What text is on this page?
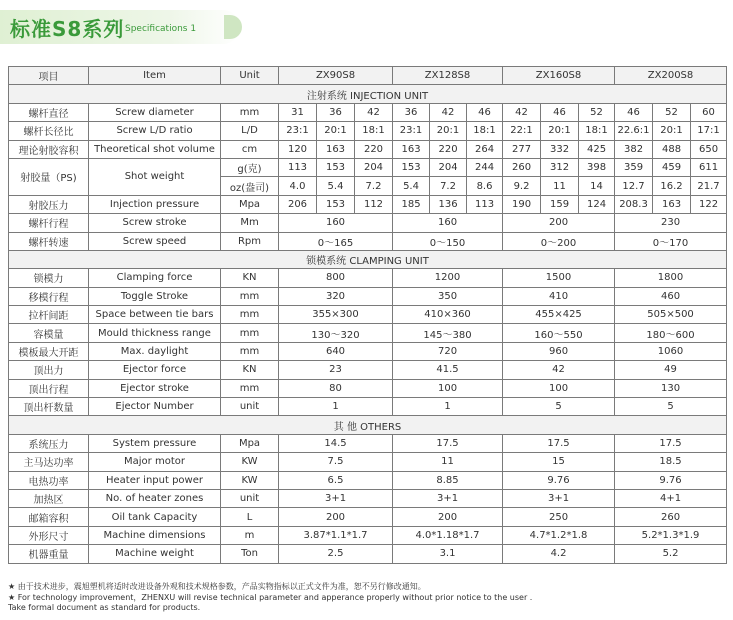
标准S8系列 Specifications 1
项目	Item	Unit	ZX90S8			ZX128S8			ZX160S8			ZX200S8		
注射系统 INJECTION UNIT														
螺杆直径	Screw diameter	mm	31	36	42	36	42	46	42	46	52	46	52	60
螺杆长径比	Screw L/D ratio	L/D	23:1	20:1	18:1	23:1	20:1	18:1	22:1	20:1	18:1	22.6:1	20:1	17:1
理论射胶容积	Theoretical shot volume	cm	120	163	220	163	220	264	277	332	425	382	488	650
射胶量（PS)	Shot weight	g(克)	113	153	204	153	204	244	260	312	398	359	459	611
		oz(盎司)	4.0	5.4	7.2	5.4	7.2	8.6	9.2	11	14	12.7	16.2	21.7
射胶压力	Injection pressure	Mpa	206	153	112	185	136	113	190	159	124	208.3	163	122
螺杆行程	Screw stroke	Mm	160			160			200			230		
螺杆转速	Screw speed	Rpm	0～165			0～150			0～200			0～170		
锁模系统 CLAMPING UNIT														
锁模力	Clamping force	KN	800			1200			1500			1800		
移模行程	Toggle Stroke	mm	320			350			410			460		
拉杆间距	Space between tie bars	mm	355×300			410×360			455×425			505×500		
容模量	Mould thickness range	mm	130～320			145～380			160～550			180～600		
模板最大开距	Max. daylight	mm	640			720			960			1060		
顶出力	Ejector force	KN	23			41.5			42			49		
顶出行程	Ejector stroke	mm	80			100			100			130		
顶出杆数量	Ejector Number	unit	1			1			5			5		
其 他 OTHERS														
系统压力	System pressure	Mpa	14.5			17.5			17.5			17.5		
主马达功率	Major motor	KW	7.5			11			15			18.5		
电热功率	Heater input power	KW	6.5			8.85			9.76			9.76		
加热区	No. of heater zones	unit	3+1			3+1			3+1			4+1		
邮箱容积	Oil tank Capacity	L	200			200			250			260		
外形尺寸	Machine dimensions	m	3.87*1.1*1.7			4.0*1.18*1.7			4.7*1.2*1.8			5.2*1.3*1.9		
机器重量	Machine weight	Ton	2.5			3.1			4.2			5.2		
★ 由于技术进步，震旭塑机将适时改进设备外观和技术规格参数，产品实物指标以正式文件为准，恕不另行修改通知。
★ For technology improvement，ZHENXU will revise technical parameter and apperance properly without prior notice to the user .
Take formal document as standard for products.
